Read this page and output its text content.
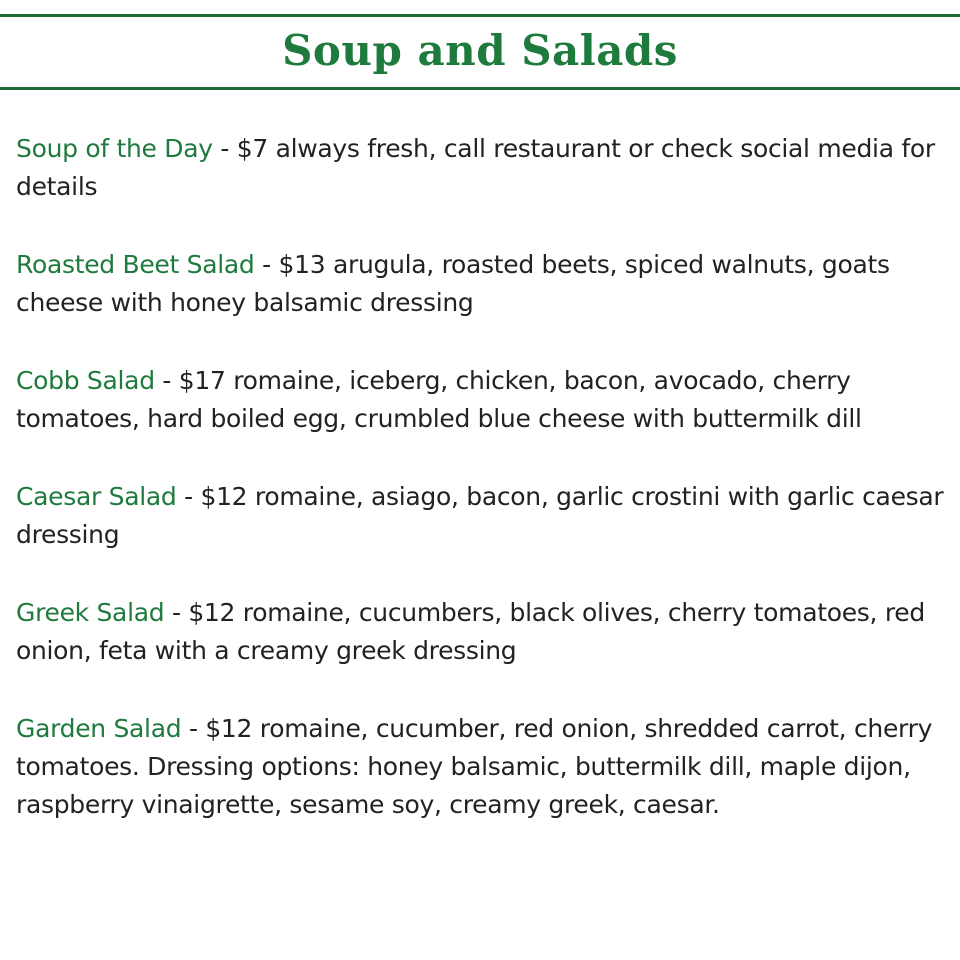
Soup and Salads

Soup of the Day - $7 always fresh, call restaurant or check social media for details

Roasted Beet Salad - $13 arugula, roasted beets, spiced walnuts, goats cheese with honey balsamic dressing

Cobb Salad - $17 romaine, iceberg, chicken, bacon, avocado, cherry tomatoes, hard boiled egg, crumbled blue cheese with buttermilk dill

Caesar Salad - $12 romaine, asiago, bacon, garlic crostini with garlic caesar dressing

Greek Salad - $12 romaine, cucumbers, black olives, cherry tomatoes, red onion, feta with a creamy greek dressing

Garden Salad - $12 romaine, cucumber, red onion, shredded carrot, cherry tomatoes. Dressing options: honey balsamic, buttermilk dill, maple dijon, raspberry vinaigrette, sesame soy, creamy greek, caesar.
